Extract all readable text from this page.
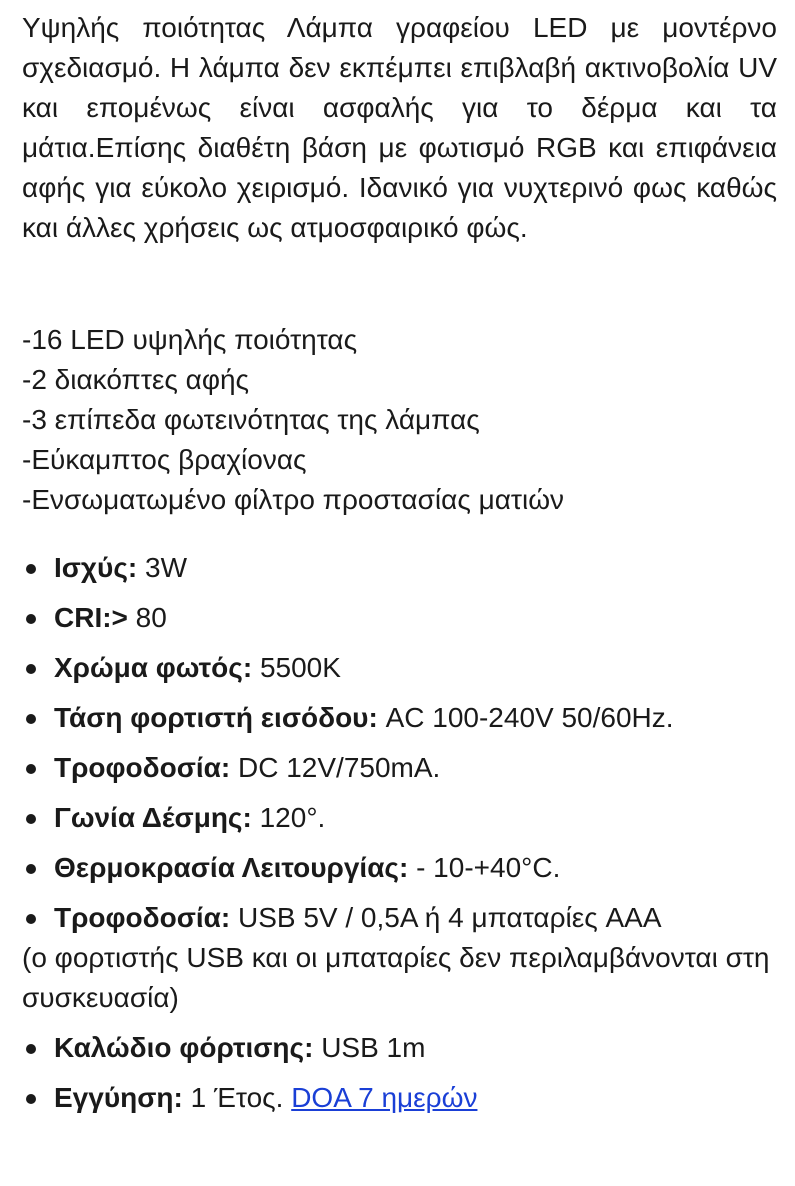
Υψηλής ποιότητας Λάμπα γραφείου LED με μοντέρνο σχεδιασμό. Η λάμπα δεν εκπέμπει επιβλαβή ακτινοβολία UV και επομένως είναι ασφαλής για το δέρμα και τα μάτια.Επίσης διαθέτη βάση με φωτισμό RGB και επιφάνεια αφής για εύκολο χειρισμό. Ιδανικό για νυχτερινό φως καθώς και άλλες χρήσεις ως ατμοσφαιρικό φώς.

-16 LED υψηλής ποιότητας
-2 διακόπτες αφής
-3 επίπεδα φωτεινότητας της λάμπας
-Εύκαμπτος βραχίονας
-Ενσωματωμένο φίλτρο προστασίας ματιών
Ισχύς: 3W
CRI:> 80
Χρώμα φωτός: 5500K
Τάση φορτιστή εισόδου: AC 100-240V 50/60Hz.
Τροφοδοσία: DC 12V/750mA.
Γωνία Δέσμης: 120°.
Θερμοκρασία Λειτουργίας: - 10-+40°C.
Τροφοδοσία: USB 5V / 0,5A ή 4 μπαταρίες AAA
(ο φορτιστής USB και οι μπαταρίες δεν περιλαμβάνονται στη συσκευασία)
Καλώδιο φόρτισης: USB 1m
Εγγύηση: 1 Έτος. DOA 7 ημερών
